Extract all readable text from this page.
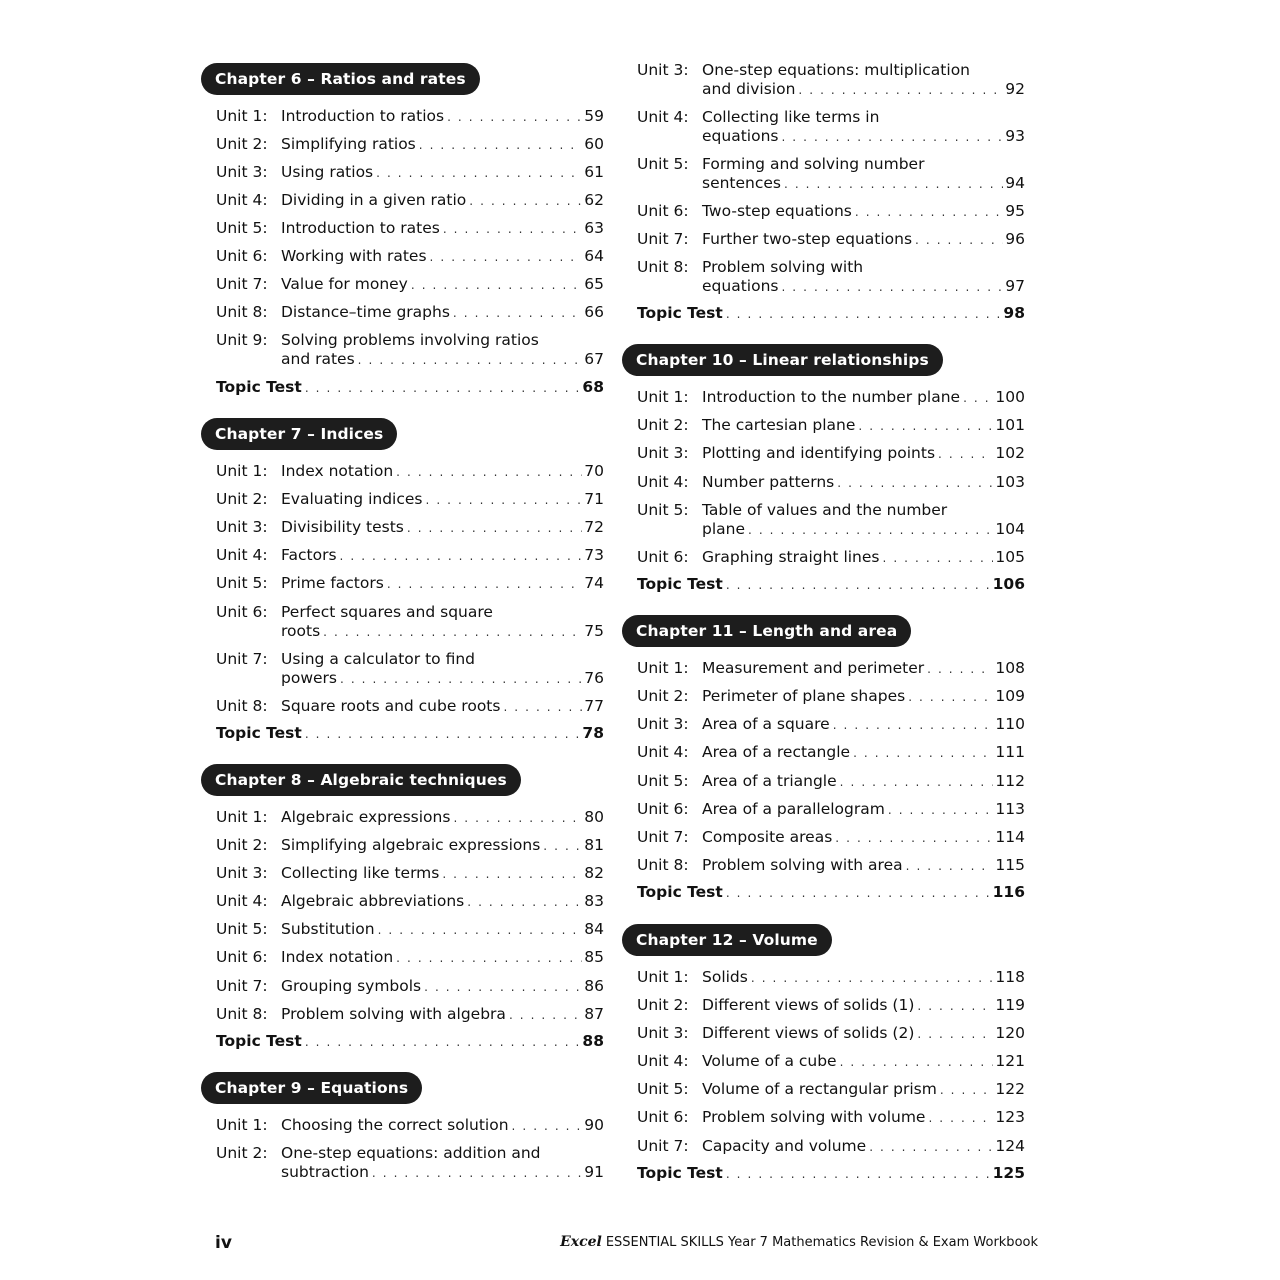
Chapter 6 – Ratios and rates
Unit 1: Introduction to ratios . . .	59
Unit 2: Simplifying ratios . . .	60
Unit 3: Using ratios . . .	61
Unit 4: Dividing in a given ratio . . .	62
Unit 5: Introduction to rates . . .	63
Unit 6: Working with rates . . .	64
Unit 7: Value for money . . .	65
Unit 8: Distance–time graphs . . .	66
Unit 9: Solving problems involving ratios
and rates . . .	67
Topic Test . . .	68
Chapter 7 – Indices
Unit 1: Index notation . . .	70
Unit 2: Evaluating indices . . .	71
Unit 3: Divisibility tests . . .	72
Unit 4: Factors . . .	73
Unit 5: Prime factors . . .	74
Unit 6: Perfect squares and square
roots . . .	75
Unit 7: Using a calculator to find
powers . . .	76
Unit 8: Square roots and cube roots . . .	77
Topic Test . . .	78
Chapter 8 – Algebraic techniques
Unit 1: Algebraic expressions . . .	80
Unit 2: Simplifying algebraic expressions . . .	81
Unit 3: Collecting like terms . . .	82
Unit 4: Algebraic abbreviations . . .	83
Unit 5: Substitution . . .	84
Unit 6: Index notation . . .	85
Unit 7: Grouping symbols . . .	86
Unit 8: Problem solving with algebra . . .	87
Topic Test . . .	88
Chapter 9 – Equations
Unit 1: Choosing the correct solution . . .	90
Unit 2: One-step equations: addition and
subtraction . . .	91
Unit 3: One-step equations: multiplication
and division . . .	92
Unit 4: Collecting like terms in
equations . . .	93
Unit 5: Forming and solving number
sentences . . .	94
Unit 6: Two-step equations . . .	95
Unit 7: Further two-step equations . . .	96
Unit 8: Problem solving with
equations . . .	97
Topic Test . . .	98
Chapter 10 – Linear relationships
Unit 1: Introduction to the number plane . . . 100
Unit 2: The cartesian plane . . .	101
Unit 3: Plotting and identifying points . . .	102
Unit 4: Number patterns . . .	103
Unit 5: Table of values and the number
plane . . .	104
Unit 6: Graphing straight lines . . .	105
Topic Test . . .	106
Chapter 11 – Length and area
Unit 1: Measurement and perimeter . . .	108
Unit 2: Perimeter of plane shapes . . .	109
Unit 3: Area of a square . . .	110
Unit 4: Area of a rectangle . . .	111
Unit 5: Area of a triangle . . .	112
Unit 6: Area of a parallelogram . . .	113
Unit 7: Composite areas . . .	114
Unit 8: Problem solving with area . . .	115
Topic Test . . .	116
Chapter 12 – Volume
Unit 1: Solids . . .	118
Unit 2: Different views of solids (1) . . .	119
Unit 3: Different views of solids (2) . . .	120
Unit 4: Volume of a cube . . .	121
Unit 5: Volume of a rectangular prism . . .	122
Unit 6: Problem solving with volume . . .	123
Unit 7: Capacity and volume . . .	124
Topic Test . . .	125
iv	Excel ESSENTIAL SKILLS Year 7 Mathematics Revision & Exam Workbook
